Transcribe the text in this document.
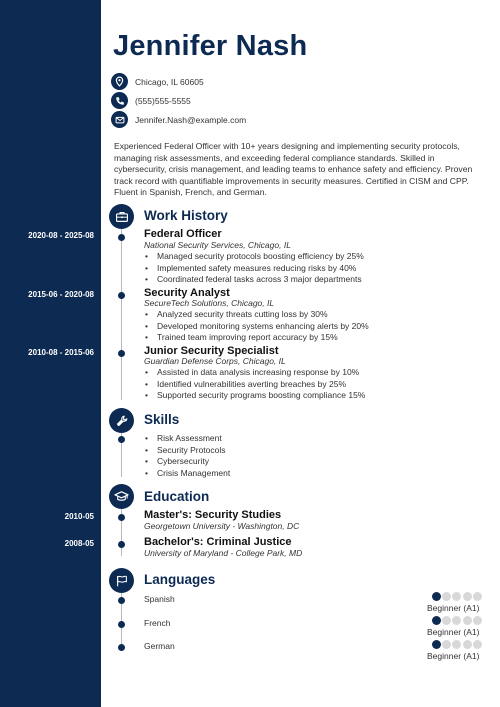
2020-08 - 2025-08
2015-06 - 2020-08
2010-08 - 2015-06
2010-05
2008-05
Jennifer Nash
Chicago, IL 60605
(555)555-5555
Jennifer.Nash@example.com
Experienced Federal Officer with 10+ years designing and implementing security protocols, managing risk assessments, and exceeding federal compliance standards. Skilled in cybersecurity, crisis management, and leading teams to enhance safety and efficiency. Proven track record with quantifiable improvements in security measures. Certified in CISM and CPP. Fluent in Spanish, French, and German.
Work History
Federal Officer
National Security Services, Chicago, IL
• Managed security protocols boosting efficiency by 25%
• Implemented safety measures reducing risks by 40%
• Coordinated federal tasks across 3 major departments
Security Analyst
SecureTech Solutions, Chicago, IL
• Analyzed security threats cutting loss by 30%
• Developed monitoring systems enhancing alerts by 20%
• Trained team improving report accuracy by 15%
Junior Security Specialist
Guardian Defense Corps, Chicago, IL
• Assisted in data analysis increasing response by 10%
• Identified vulnerabilities averting breaches by 25%
• Supported security programs boosting compliance 15%
Skills
• Risk Assessment
• Security Protocols
• Cybersecurity
• Crisis Management
Education
Master's: Security Studies
Georgetown University - Washington, DC
Bachelor's: Criminal Justice
University of Maryland - College Park, MD
Languages
Spanish
Beginner (A1)
French
Beginner (A1)
German
Beginner (A1)
